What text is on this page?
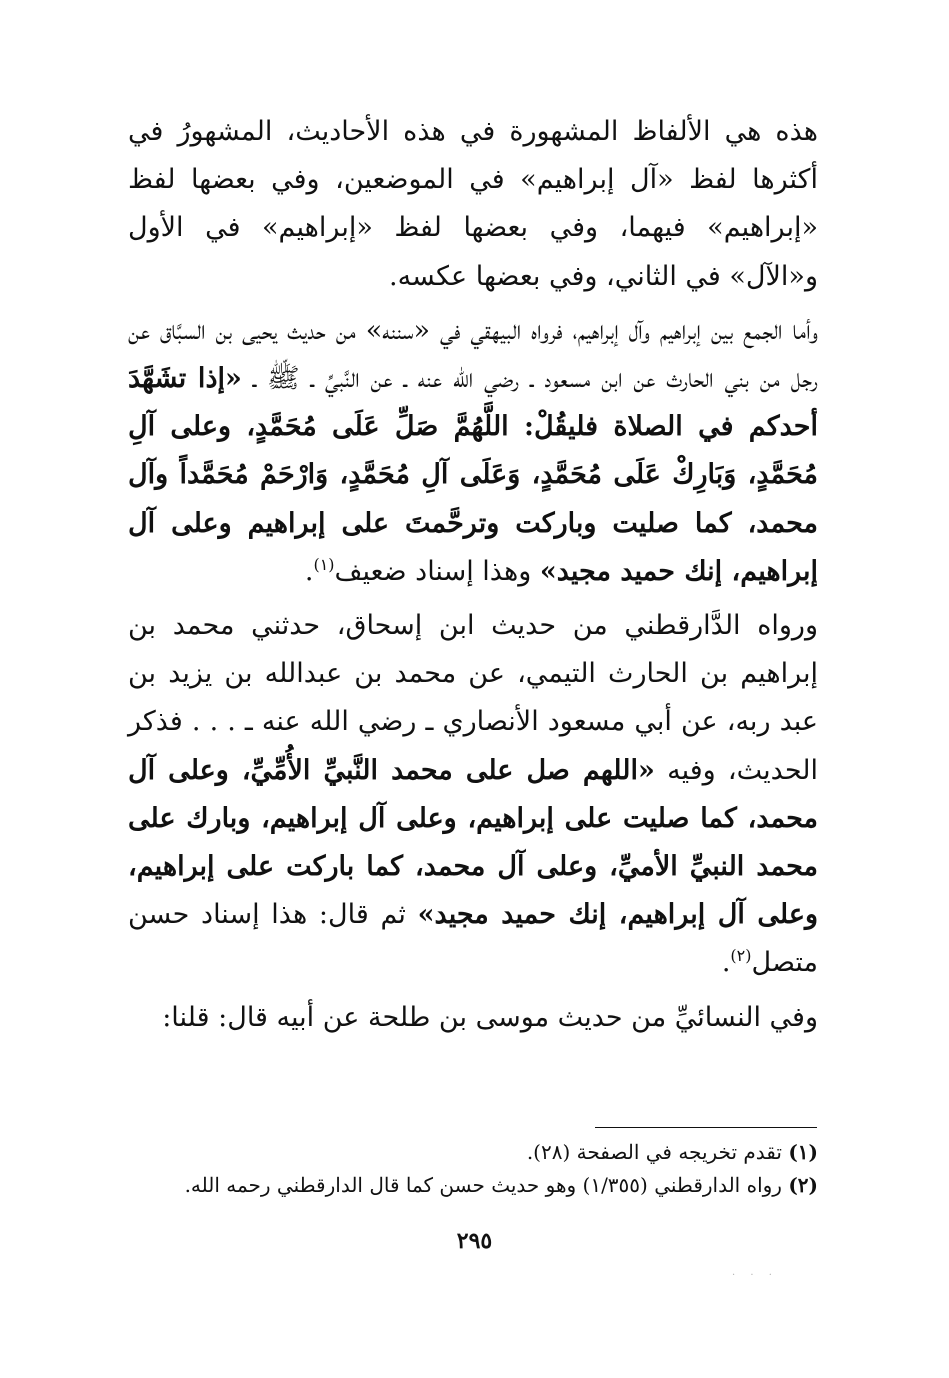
هذه هي الألفاظ المشهورة في هذه الأحاديث، المشهورُ في أكثرها لفظ «آل إبراهيم» في الموضعين، وفي بعضها لفظ «إبراهيم» فيهما، وفي بعضها لفظ «إبراهيم» في الأول و«الآل» في الثاني، وفي بعضها عكسه.

وأما الجمع بين إبراهيم وآل إبراهيم، فرواه البيهقي في «سننه» من حديث يحيى بن السبَّاق عن رجل من بني الحارث عن ابن مسعود ـ رضي الله عنه ـ عن النَّبيِّ ـ ﷺ ـ «إذا تشَهَّدَ أحدكم في الصلاة فليقُلْ: اللَّهُمَّ صَلِّ عَلَى مُحَمَّدٍ، وعلى آلِ مُحَمَّدٍ، وَبَارِكْ عَلَى مُحَمَّدٍ، وَعَلَى آلِ مُحَمَّدٍ، وَارْحَمْ مُحَمَّداً وآل محمد، كما صليت وباركت وترحَّمتَ على إبراهيم وعلى آل إبراهيم، إنك حميد مجيد» وهذا إسناد ضعيف$^{(١)}$.

ورواه الدَّارقطني من حديث ابن إسحاق، حدثني محمد بن إبراهيم بن الحارث التيمي، عن محمد بن عبدالله بن يزيد بن عبد ربه، عن أبي مسعود الأنصاري ـ رضي الله عنه ـ . . . فذكر الحديث، وفيه «اللهم صل على محمد النَّبيِّ الأُمِّيِّ، وعلى آل محمد، كما صليت على إبراهيم، وعلى آل إبراهيم، وبارك على محمد النبيِّ الأميِّ، وعلى آل محمد، كما باركت على إبراهيم، وعلى آل إبراهيم، إنك حميد مجيد» ثم قال: هذا إسناد حسن متصل$^{(٢)}$.

وفي النسائيِّ من حديث موسى بن طلحة عن أبيه قال: قلنا:

(١) تقدم تخريجه في الصفحة (٢٨).
(٢) رواه الدارقطني (١/٣٥٥) وهو حديث حسن كما قال الدارقطني رحمه الله.
٢٩٥
· · ·
